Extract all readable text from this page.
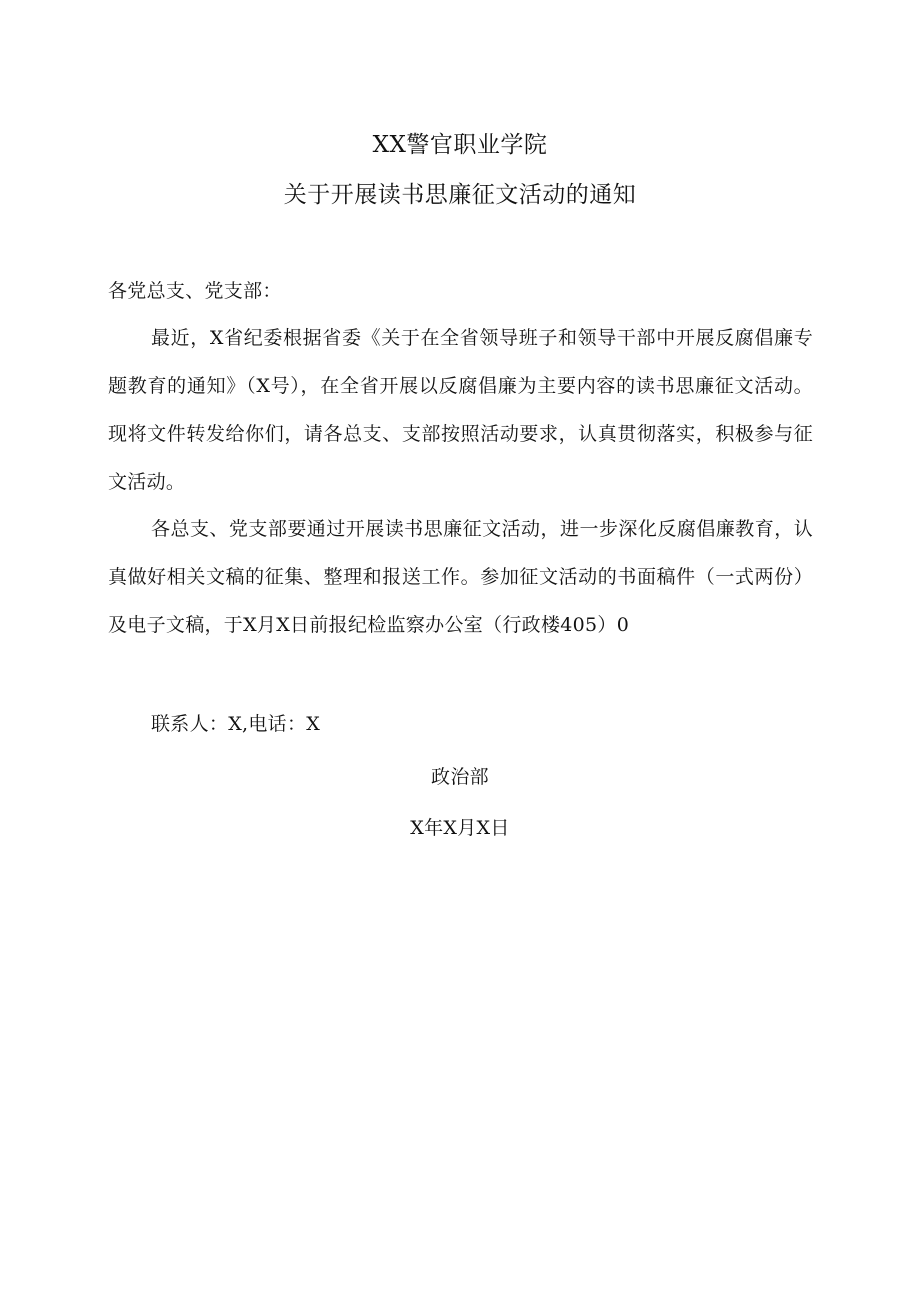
XX警官职业学院
关于开展读书思廉征文活动的通知
各党总支、党支部：
最近，X省纪委根据省委《关于在全省领导班子和领导干部中开展反腐倡廉专题教育的通知》（X号），在全省开展以反腐倡廉为主要内容的读书思廉征文活动。现将文件转发给你们，请各总支、支部按照活动要求，认真贯彻落实，积极参与征文活动。
各总支、党支部要通过开展读书思廉征文活动，进一步深化反腐倡廉教育，认真做好相关文稿的征集、整理和报送工作。参加征文活动的书面稿件（一式两份）及电子文稿，于X月X日前报纪检监察办公室（行政楼405）0
联系人：X,电话：X
政治部
X年X月X日
